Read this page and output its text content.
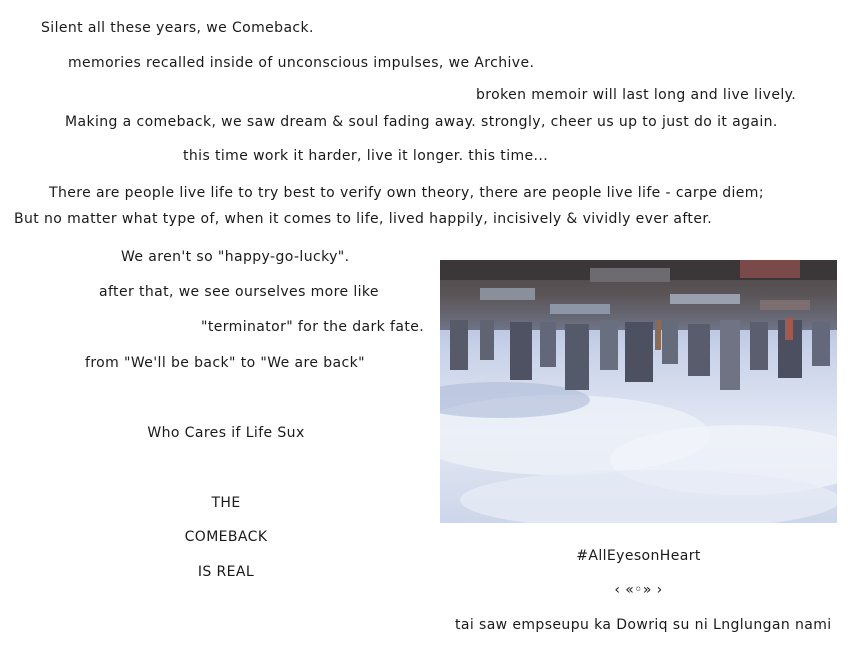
Silent all these years, we Comeback.
memories recalled inside of unconscious impulses, we Archive.
broken memoir will last long and live lively.
Making a comeback, we saw dream & soul fading away. strongly, cheer us up to just do it again.
this time work it harder, live it longer. this time...
There are people live life to try best to verify own theory, there are people live life - carpe diem;
But no matter what type of, when it comes to life, lived happily, incisively & vividly ever after.
We aren't so "happy-go-lucky".
after that, we see ourselves more like
"terminator" for the dark fate.
from "We'll be back" to "We are back"
Who Cares if Life Sux
THE
COMEBACK
IS REAL
#AllEyesonHeart
‹ «◦» ›
tai saw empseupu ka Dowriq su ni Lnglungan nami
